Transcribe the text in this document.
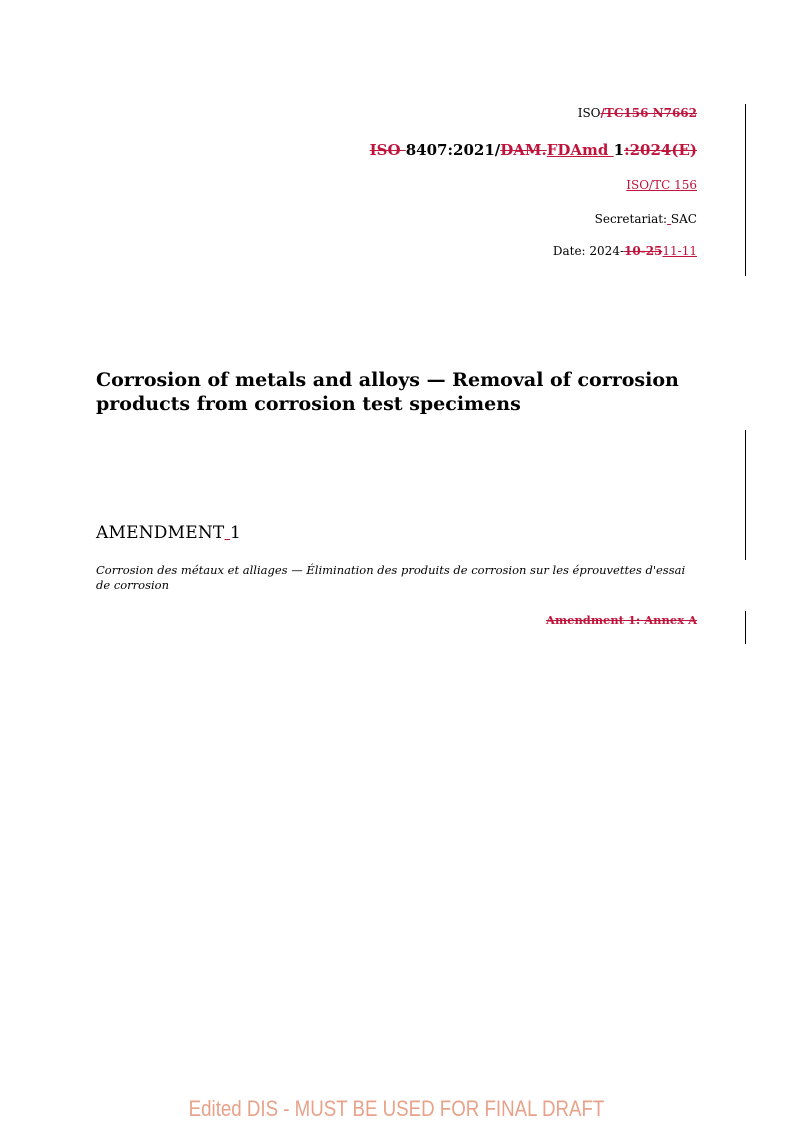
ISO/TC156 N7662
ISO 8407:2021/DAM.FDAmd 1:2024(E)
ISO/TC 156
Secretariat: SAC
Date: 2024-10-2511-11
Corrosion of metals and alloys — Removal of corrosion products from corrosion test specimens
AMENDMENT 1
Corrosion des métaux et alliages — Élimination des produits de corrosion sur les éprouvettes d'essai de corrosion
Amendment 1: Annex A
Edited DIS - MUST BE USED FOR FINAL DRAFT
